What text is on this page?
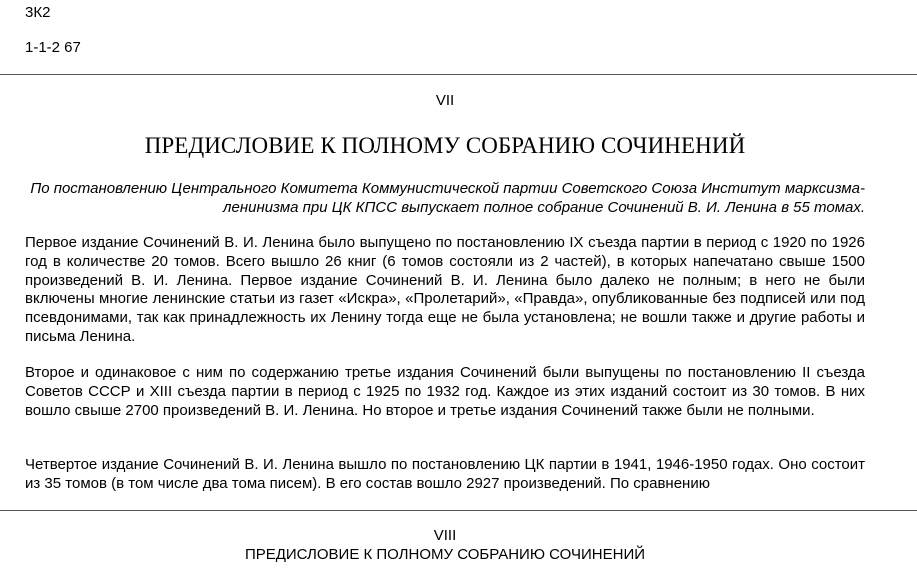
3К2
1-1-2 67
VII
ПРЕДИСЛОВИЕ К ПОЛНОМУ СОБРАНИЮ СОЧИНЕНИЙ
По постановлению Центрального Комитета Коммунистической партии Советского Союза Институт марксизма-ленинизма при ЦК КПСС выпускает полное собрание Сочинений В. И. Ленина в 55 томах.
Первое издание Сочинений В. И. Ленина было выпущено по постановлению IX съезда партии в период с 1920 по 1926 год в количестве 20 томов. Всего вышло 26 книг (6 томов состояли из 2 частей), в которых напечатано свыше 1500 произведений В. И. Ленина. Первое издание Сочинений В. И. Ленина было далеко не полным; в него не были включены многие ленинские статьи из газет «Искра», «Пролетарий», «Правда», опубликованные без подписей или под псевдонимами, так как принадлежность их Ленину тогда еще не была установлена; не вошли также и другие работы и письма Ленина.
Второе и одинаковое с ним по содержанию третье издания Сочинений были выпущены по постановлению II съезда Советов СССР и XIII съезда партии в период с 1925 по 1932 год. Каждое из этих изданий состоит из 30 томов. В них вошло свыше 2700 произведений В. И. Ленина. Но второе и третье издания Сочинений также были не полными.
Четвертое издание Сочинений В. И. Ленина вышло по постановлению ЦК партии в 1941, 1946-1950 годах. Оно состоит из 35 томов (в том числе два тома писем). В его состав вошло 2927 произведений. По сравнению
VIII
ПРЕДИСЛОВИЕ К ПОЛНОМУ СОБРАНИЮ СОЧИНЕНИЙ
